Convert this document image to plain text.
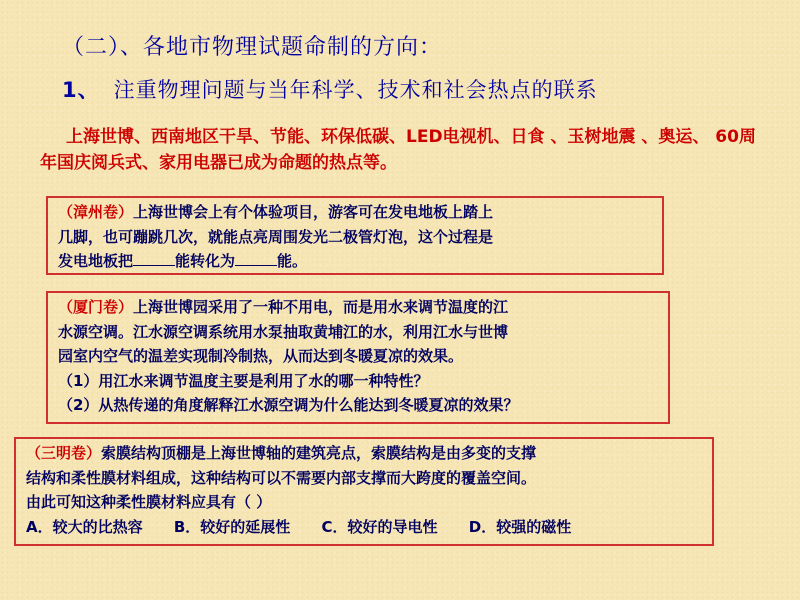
（二）、各地市物理试题命制的方向：
1、 注重物理问题与当年科学、技术和社会热点的联系
上海世博、西南地区干旱、节能、环保低碳、LED电视机、日食 、玉树地震 、奥运、 60周年国庆阅兵式、家用电器已成为命题的热点等。
（漳州卷）上海世博会上有个体验项目，游客可在发电地板上踏上
几脚，也可蹦跳几次，就能点亮周围发光二极管灯泡，这个过程是
发电地板把	能转化为	能。
（厦门卷）上海世博园采用了一种不用电，而是用水来调节温度的江
水源空调。江水源空调系统用水泵抽取黄埔江的水，利用江水与世博
园室内空气的温差实现制冷制热，从而达到冬暖夏凉的效果。
（1）用江水来调节温度主要是利用了水的哪一种特性？
（2）从热传递的角度解释江水源空调为什么能达到冬暖夏凉的效果？
（三明卷）索膜结构顶棚是上海世博轴的建筑亮点，索膜结构是由多变的支撑
结构和柔性膜材料组成，这种结构可以不需要内部支撑而大跨度的覆盖空间。
由此可知这种柔性膜材料应具有（ ）
A．较大的比热容 B．较好的延展性 C．较好的导电性 D．较强的磁性
